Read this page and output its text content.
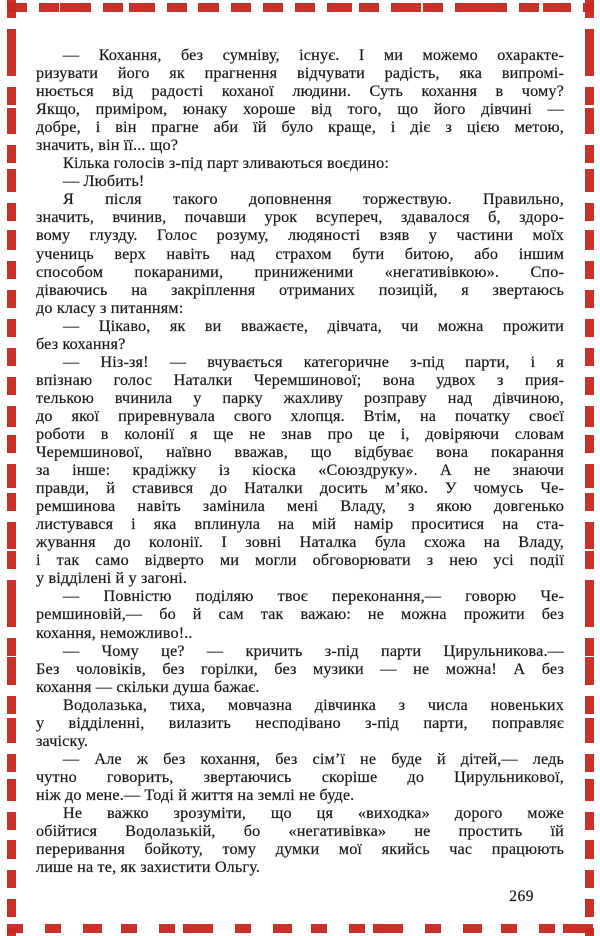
— Кохання, без сумніву, існує. І ми можемо охаракте-
ризувати його як прагнення відчувати радість, яка випромі-
нюється від радості коханої людини. Суть кохання в чому?
Якщо, приміром, юнаку хороше від того, що його дівчині —
добре, і він прагне аби їй було краще, і діє з цією метою,
значить, він її... що?
Кілька голосів з-під парт зливаються воєдино:
— Любить!
Я після такого доповнення торжествую. Правильно,
значить, вчинив, почавши урок всупереч, здавалося б, здоро-
вому глузду. Голос розуму, людяності взяв у частини моїх
учениць верх навіть над страхом бути битою, або іншим
способом покараними, приниженими «негативівкою». Спо-
діваючись на закріплення отриманих позицій, я звертаюсь
до класу з питанням:
— Цікаво, як ви вважаєте, дівчата, чи можна прожити
без кохання?
— Ніз-зя! — вчувається категоричне з-під парти, і я
впізнаю голос Наталки Черемшинової; вона удвох з прия-
телькою вчинила у парку жахливу розправу над дівчиною,
до якої приревнувала свого хлопця. Втім, на початку своєї
роботи в колонії я ще не знав про це і, довіряючи словам
Черемшинової, наївно вважав, що відбуває вона покарання
за інше: крадіжку із кіоска «Союздруку». А не знаючи
правди, й ставився до Наталки досить м’яко. У чомусь Че-
ремшинова навіть замінила мені Владу, з якою довгенько
листувався і яка вплинула на мій намір проситися на ста-
жування до колонії. І зовні Наталка була схожа на Владу,
і так само відверто ми могли обговорювати з нею усі події
у відділені й у загоні.
— Повністю поділяю твоє переконання,— говорю Че-
ремшиновій,— бо й сам так важаю: не можна прожити без
кохання, неможливо!..
— Чому це? — кричить з-під парти Цирульникова.—
Без чоловіків, без горілки, без музики — не можна! А без
кохання — скільки душа бажає.
Водолазька, тиха, мовчазна дівчинка з числа новеньких
у відділенні, вилазить несподівано з-під парти, поправляє
зачіску.
— Але ж без кохання, без сім’ї не буде й дітей,— ледь
чутно говорить, звертаючись скоріше до Цирульникової,
ніж до мене.— Тоді й життя на землі не буде.
Не важко зрозуміти, що ця «виходка» дорого може
обійтися Водолазькій, бо «негативівка» не простить їй
переривання бойкоту, тому думки мої якийсь час працюють
лише на те, як захистити Ольгу.
269
